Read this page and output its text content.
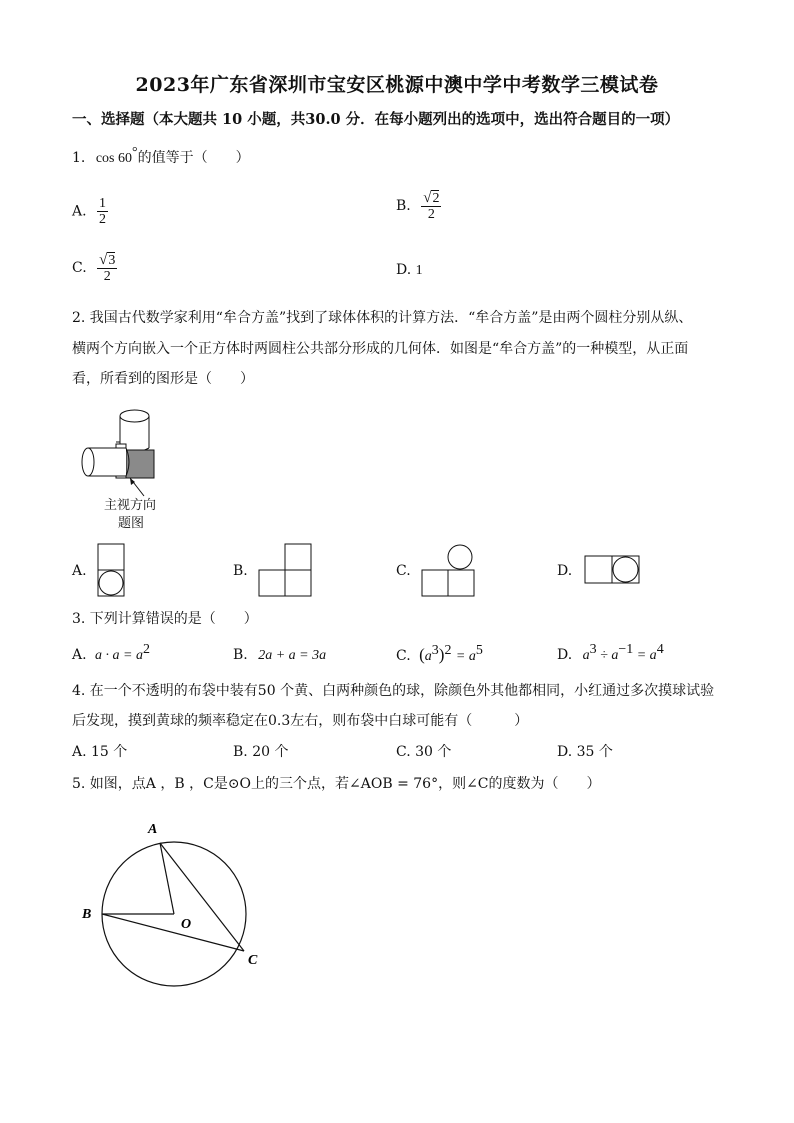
2023年广东省深圳市宝安区桃源中澳中学中考数学三模试卷
一、选择题（本大题共 10 小题，共30.0 分．在每小题列出的选项中，选出符合题目的一项）
1. cos 60°的值等于（　　）
A. $\frac{1}{2}$	B. $\frac{√2}{2}$
C. $\frac{√3}{2}$	D. 1
2. 我国古代数学家利用“牟合方盖”找到了球体体积的计算方法．“牟合方盖”是由两个圆柱分别从纵、
横两个方向嵌入一个正方体时两圆柱公共部分形成的几何体．如图是“牟合方盖”的一种模型，从正面
看，所看到的图形是（　　）
主视方向
题图
A.	B.	C.	D.
3. 下列计算错误的是（　　）
A. $a \cdot a = a^2$	B. 2a + a = 3a	C. $(a^3)^2 = a^5$	D. $a^3 \div a^{-1} = a^4$
4. 在一个不透明的布袋中装有50 个黄、白两种颜色的球，除颜色外其他都相同，小红通过多次摸球试验
后发现，摸到黄球的频率稳定在0.3左右，则布袋中白球可能有（　　　）
A. 15 个	B. 20 个	C. 30 个	D. 35 个
5. 如图，点A ，B ，C是⊙O上的三个点，若∠AOB = 76°，则∠C的度数为（　　）
A
B
O
C
